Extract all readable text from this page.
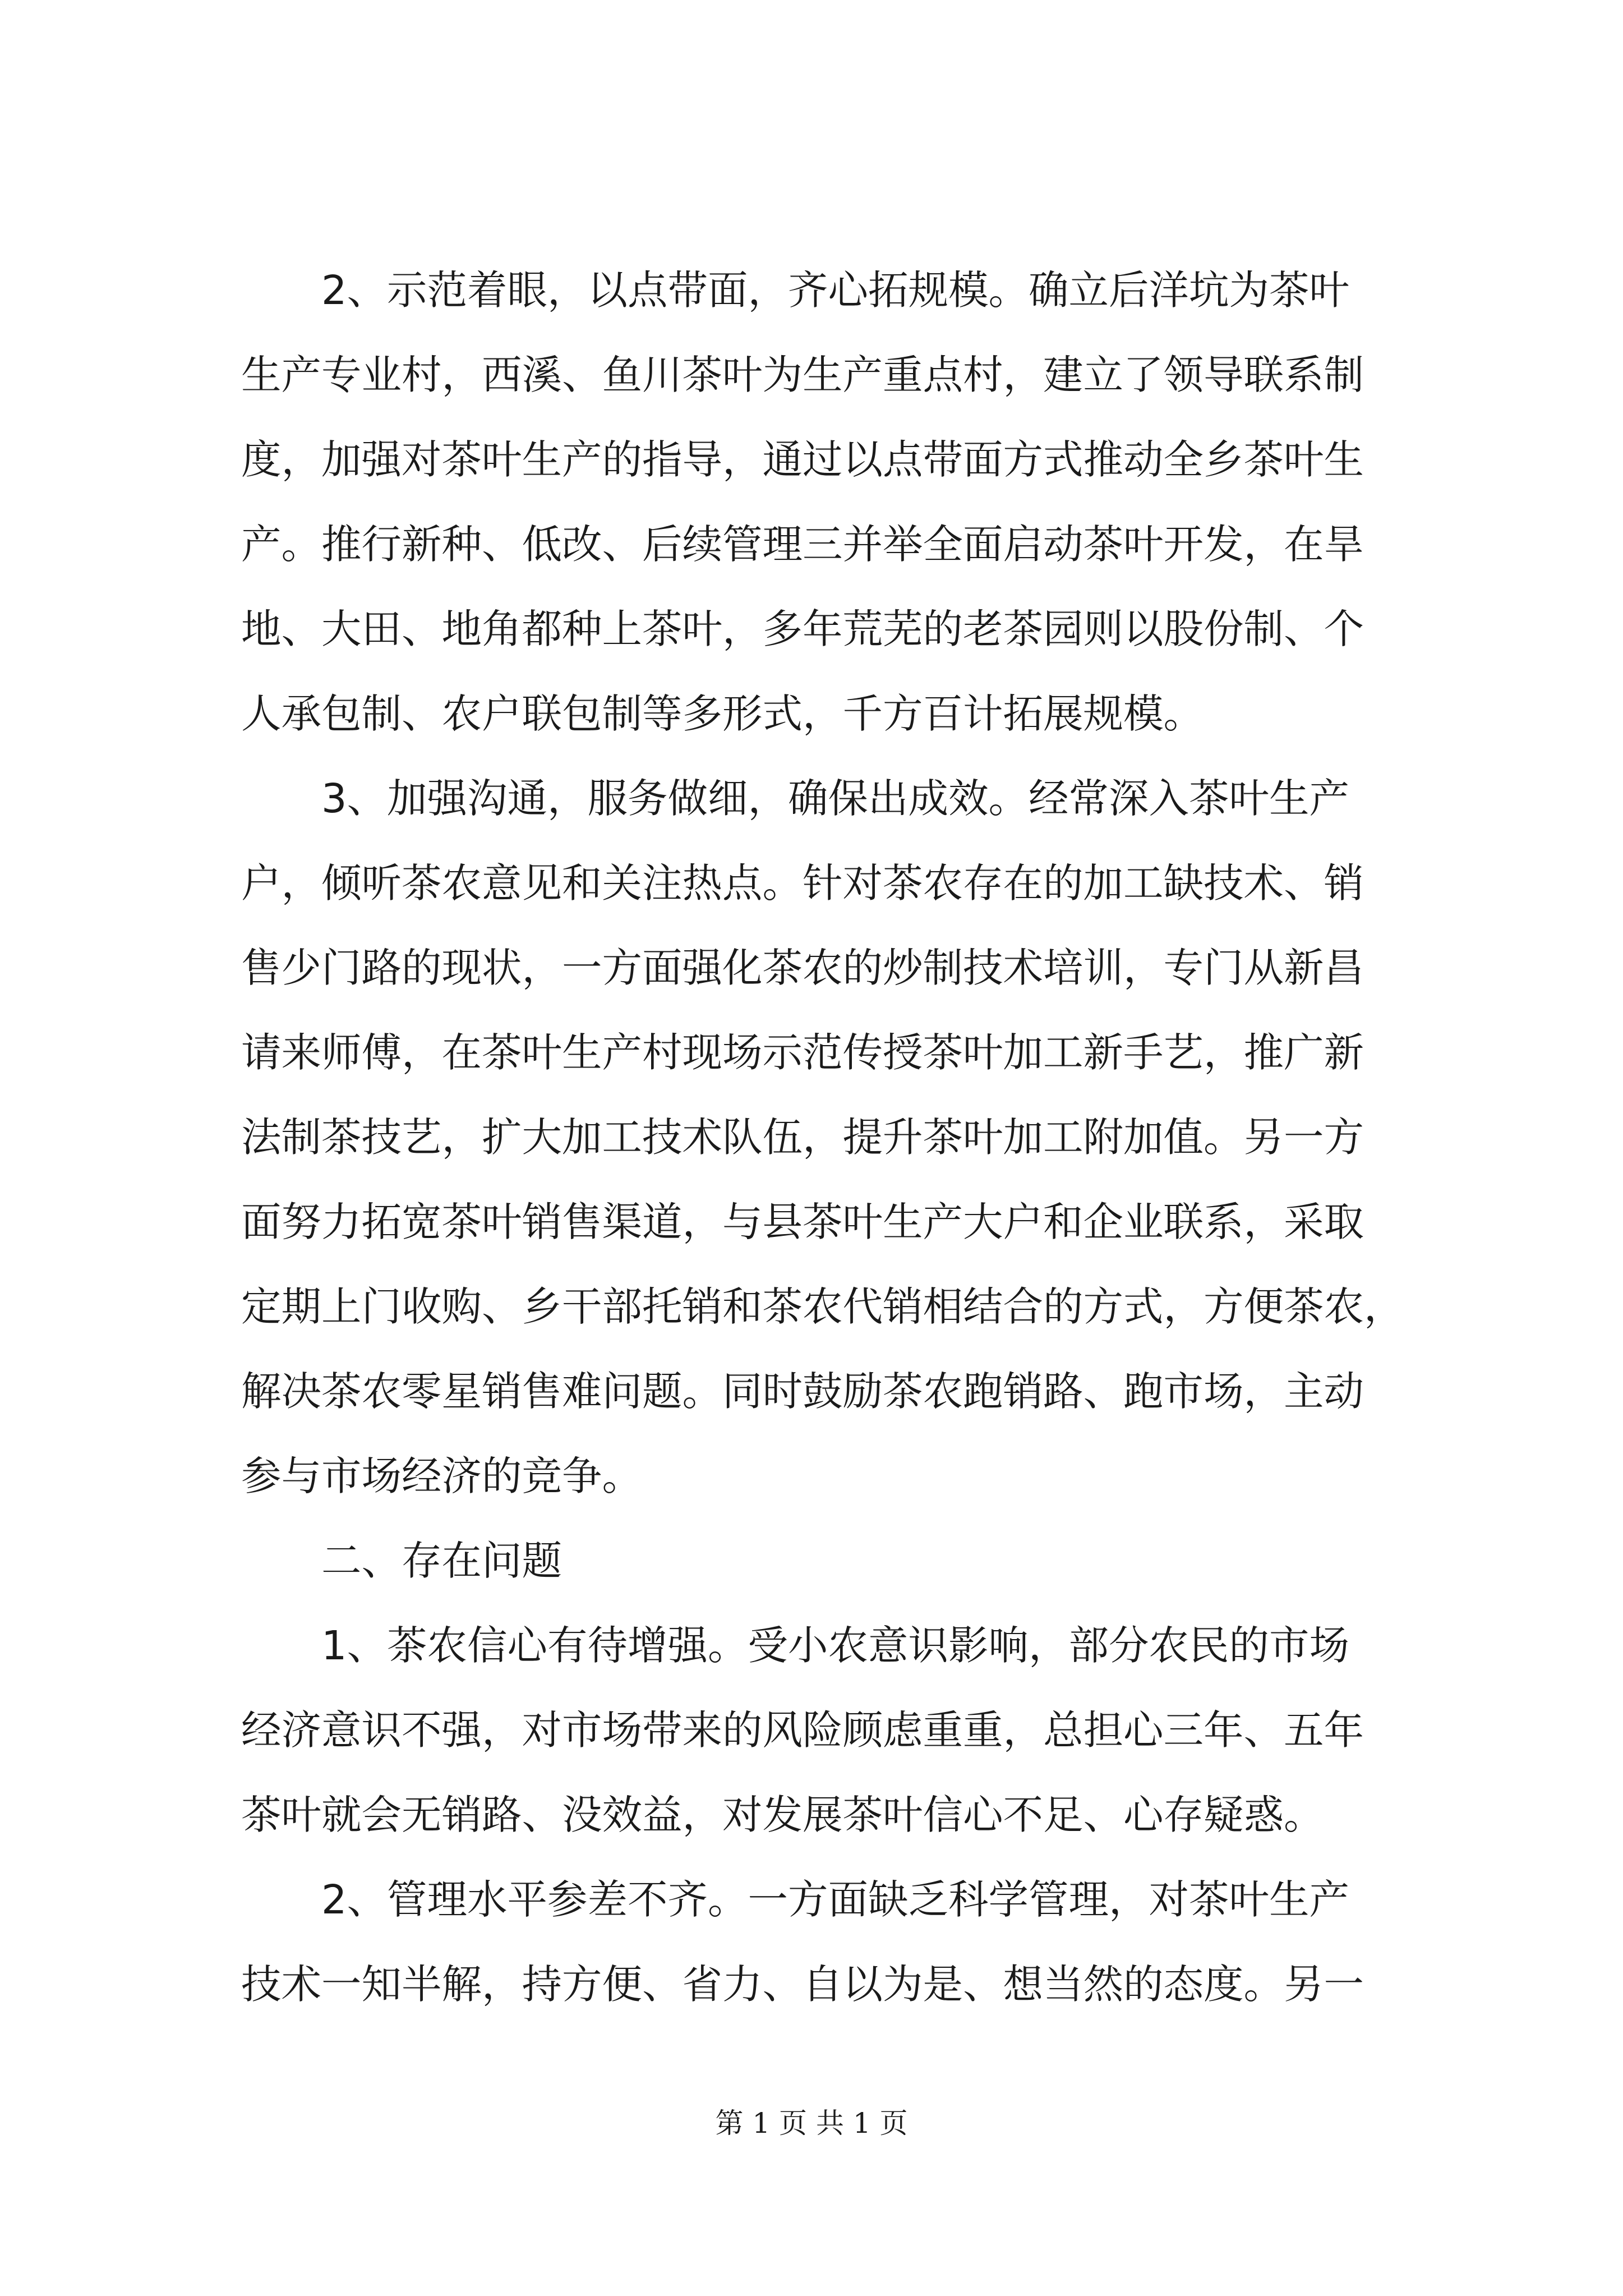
2、示范着眼，以点带面，齐心拓规模。确立后洋坑为茶叶
生产专业村，西溪、鱼川茶叶为生产重点村，建立了领导联系制
度，加强对茶叶生产的指导，通过以点带面方式推动全乡茶叶生
产。推行新种、低改、后续管理三并举全面启动茶叶开发，在旱
地、大田、地角都种上茶叶，多年荒芜的老茶园则以股份制、个
人承包制、农户联包制等多形式，千方百计拓展规模。
3、加强沟通，服务做细，确保出成效。经常深入茶叶生产
户，倾听茶农意见和关注热点。针对茶农存在的加工缺技术、销
售少门路的现状，一方面强化茶农的炒制技术培训，专门从新昌
请来师傅，在茶叶生产村现场示范传授茶叶加工新手艺，推广新
法制茶技艺，扩大加工技术队伍，提升茶叶加工附加值。另一方
面努力拓宽茶叶销售渠道，与县茶叶生产大户和企业联系，采取
定期上门收购、乡干部托销和茶农代销相结合的方式，方便茶农，
解决茶农零星销售难问题。同时鼓励茶农跑销路、跑市场，主动
参与市场经济的竞争。
二、存在问题
1、茶农信心有待增强。受小农意识影响，部分农民的市场
经济意识不强，对市场带来的风险顾虑重重，总担心三年、五年
茶叶就会无销路、没效益，对发展茶叶信心不足、心存疑惑。
2、管理水平参差不齐。一方面缺乏科学管理，对茶叶生产
技术一知半解，持方便、省力、自以为是、想当然的态度。另一
第 1 页 共 1 页
